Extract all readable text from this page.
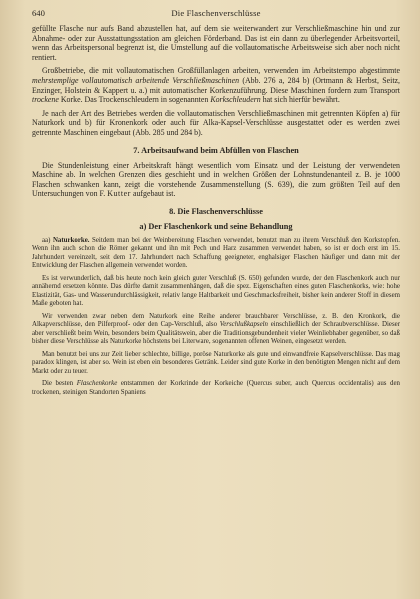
640	Die Flaschenverschlüsse

gefüllte Flasche nur aufs Band abzustellen hat, auf dem sie weiterwandert zur Verschließmaschine hin und zur Abnahme- oder zur Ausstattungsstation am gleichen Förderband. Das ist ein dann zu überlegender Arbeitsvorteil, wenn das Arbeitspersonal begrenzt ist, die Umstellung auf die vollautomatische Arbeitsweise sich aber noch nicht rentiert.

Großbetriebe, die mit vollautomatischen Großfüllanlagen arbeiten, verwenden im Arbeitstempo abgestimmte mehrstemplige vollautomatisch arbeitende Verschließmaschinen (Abb. 276 a, 284 b) (Ortmann & Herbst, Seitz, Enzinger, Holstein & Kappert u. a.) mit automatischer Korkenzuführung. Diese Maschinen fordern zum Transport trockene Korke. Das Trockenschleudern in sogenannten Korkschleudern hat sich hierfür bewährt.

Je nach der Art des Betriebes werden die vollautomatischen Verschließmaschinen mit getrennten Köpfen a) für Naturkork und b) für Kronenkork oder auch für Alka-Kapsel-Verschlüsse ausgestattet oder es werden zwei getrennte Maschinen eingebaut (Abb. 285 und 284 b).

7. Arbeitsaufwand beim Abfüllen von Flaschen

Die Stundenleistung einer Arbeitskraft hängt wesentlich vom Einsatz und der Leistung der verwendeten Maschine ab. In welchen Grenzen dies geschieht und in welchen Größen der Lohnstundenanteil z. B. je 1000 Flaschen schwanken kann, zeigt die vorstehende Zusammenstellung (S. 639), die zum größten Teil auf den Untersuchungen von F. Kutter aufgebaut ist.

8. Die Flaschenverschlüsse
a) Der Flaschenkork und seine Behandlung

aa) Naturkorke. Seitdem man bei der Weinbereitung Flaschen verwendet, benutzt man zu ihrem Verschluß den Korkstopfen. Wenn ihn auch schon die Römer gekannt und ihn mit Pech und Harz zusammen verwendet haben, so ist er doch erst im 15. Jahrhundert vereinzelt, seit dem 17. Jahrhundert nach Schaffung geeigneter, enghalsiger Flaschen häufiger und dann mit der Entwicklung der Flaschen allgemein verwendet worden.

Es ist verwunderlich, daß bis heute noch kein gleich guter Verschluß (S. 650) gefunden wurde, der den Flaschenkork auch nur annähernd ersetzen könnte. Das dürfte damit zusammenhängen, daß die spez. Eigenschaften eines guten Flaschenkorks, wie: hohe Elastizität, Gas- und Wasserundurchlässigkeit, relativ lange Haltbarkeit und Geschmacksfreiheit, bisher kein anderer Stoff in diesem Maße geboten hat.

Wir verwenden zwar neben dem Naturkork eine Reihe anderer brauchbarer Verschlüsse, z. B. den Kronkork, die Alkapverschlüsse, den Pilferproof- oder den Cap-Verschluß, also Verschlußkapseln einschließlich der Schraubverschlüsse. Dieser aber verschließt beim Wein, besonders beim Qualitätswein, aber die Traditionsgebundenheit vieler Weinliebhaber gegenüber, so daß bisher diese Verschlüsse als Naturkorke höchstens bei Literware, sogenannten offenen Weinen, eingesetzt werden.

Man benutzt bei uns zur Zeit lieber schlechte, billige, poröse Naturkorke als gute und einwandfreie Kapselverschlüsse. Das mag paradox klingen, ist aber so. Wein ist eben ein besonderes Getränk. Leider sind gute Korke in den benötigten Mengen nicht auf dem Markt oder zu teuer.

Die besten Flaschenkorke entstammen der Korkrinde der Korkeiche (Quercus suber, auch Quercus occidentalis) aus den trockenen, steinigen Standorten Spaniens
